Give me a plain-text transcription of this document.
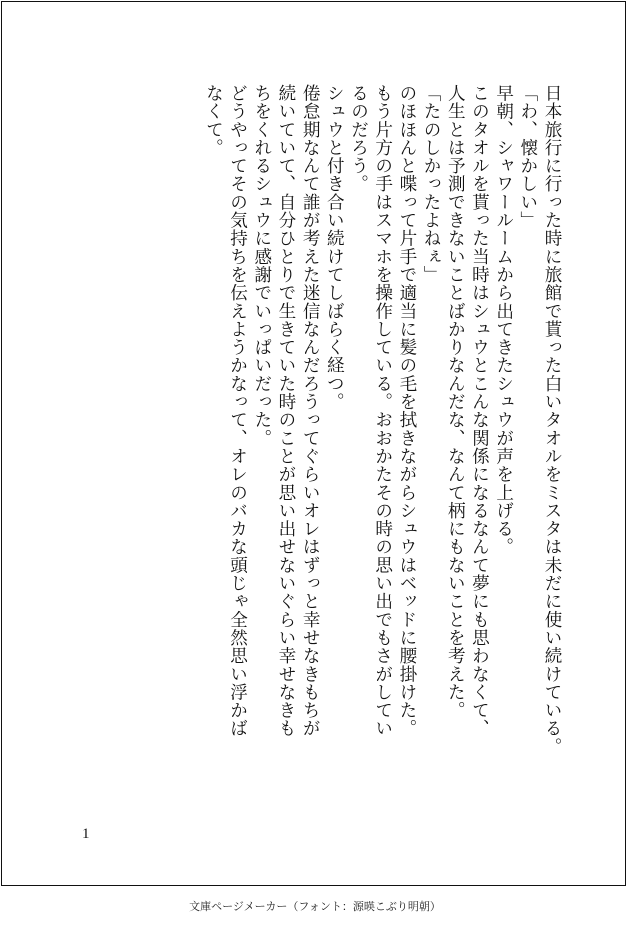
日本旅行に行った時に旅館で貰った白いタオルをミスタは未だに使い続けている。
「わ、懐かしい」
早朝、シャワールームから出てきたシュウが声を上げる。
このタオルを貰った当時はシュウとこんな関係になるなんて夢にも思わなくて、
人生とは予測できないことばかりなんだな、なんて柄にもないことを考えた。
「たのしかったよねぇ」
のほほんと喋って片手で適当に髪の毛を拭きながらシュウはベッドに腰掛けた。
もう片方の手はスマホを操作している。おおかたその時の思い出でもさがしてい
るのだろう。
シュウと付き合い続けてしばらく経つ。
倦怠期なんて誰が考えた迷信なんだろうってぐらいオレはずっと幸せなきもちが
続いていて、自分ひとりで生きていた時のことが思い出せないぐらい幸せなきも
ちをくれるシュウに感謝でいっぱいだった。
どうやってその気持ちを伝えようかなって、オレのバカな頭じゃ全然思い浮かば
なくて。
1
文庫ページメーカー（フォント：源暎こぶり明朝）
